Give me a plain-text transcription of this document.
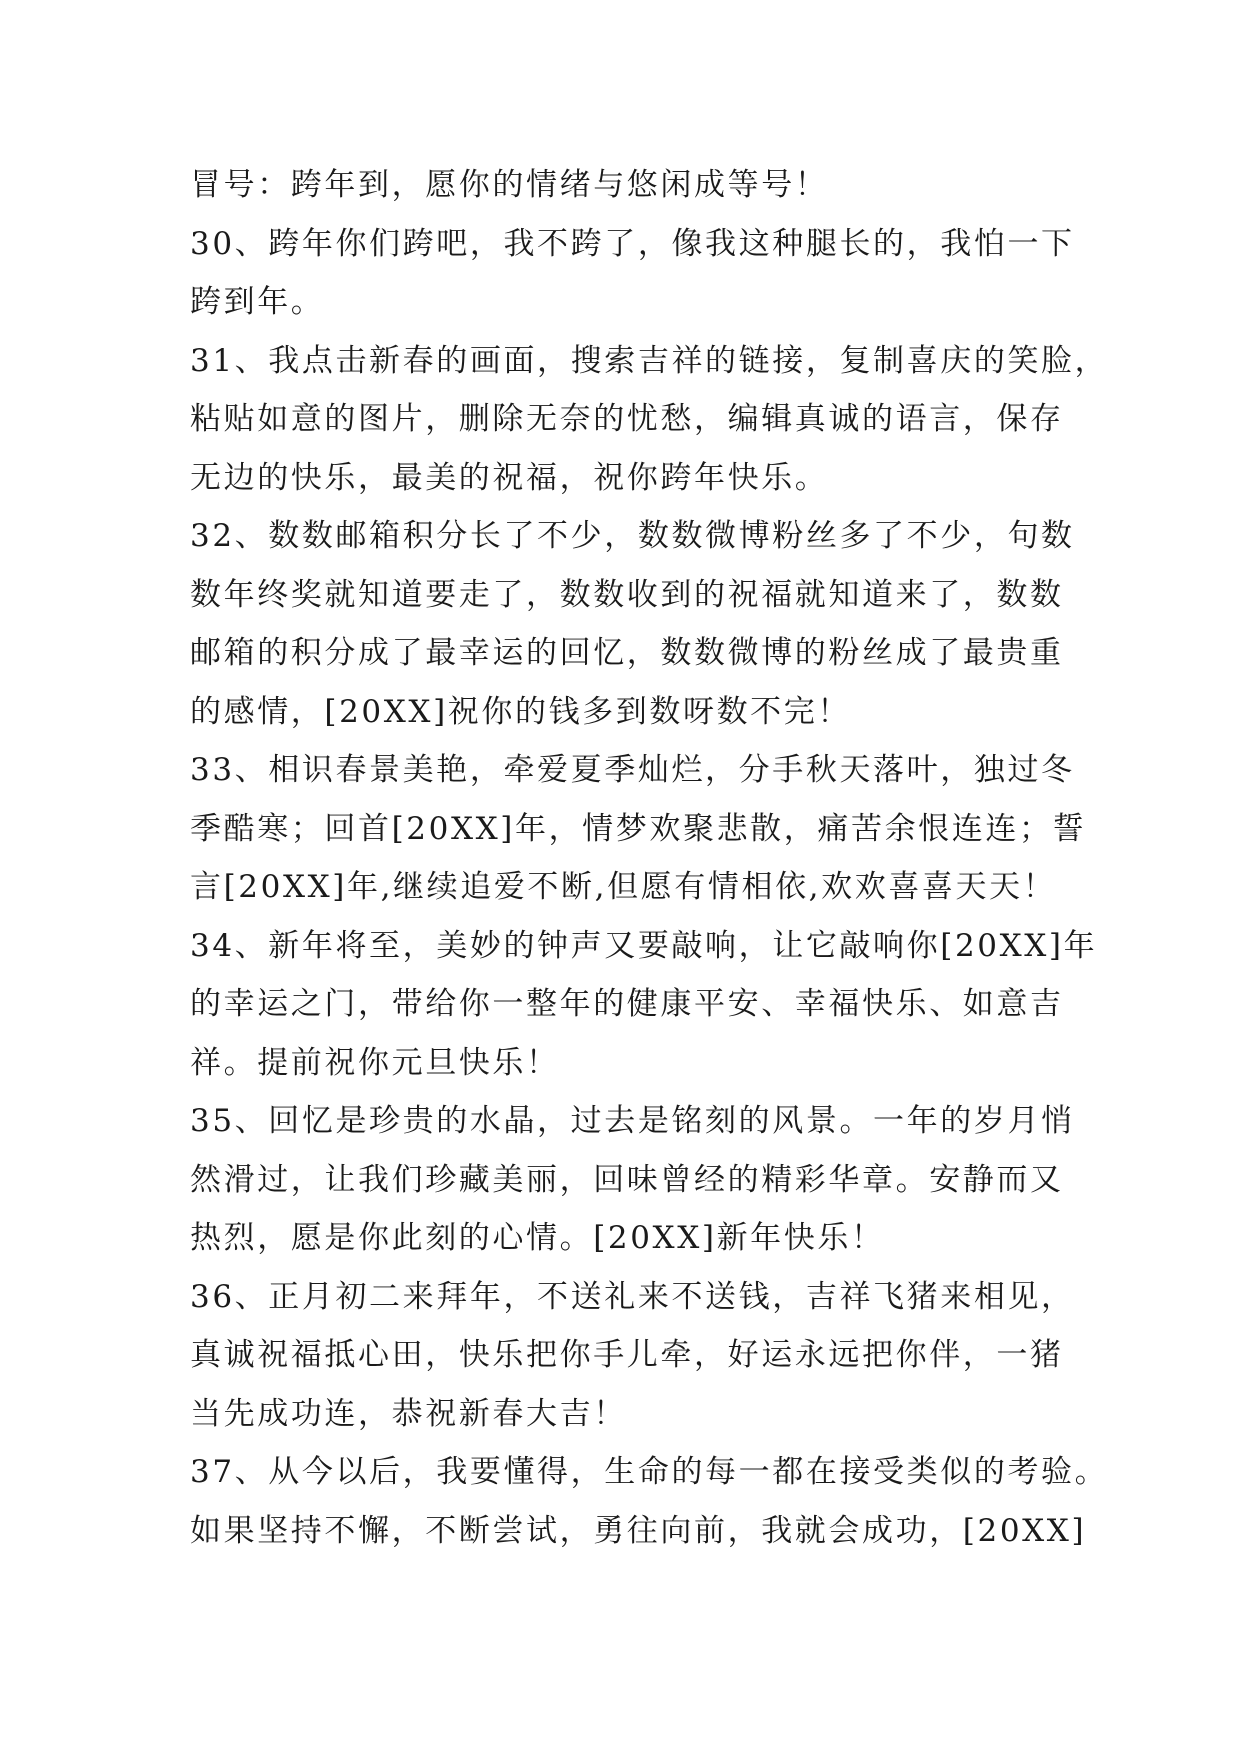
冒号：跨年到，愿你的情绪与悠闲成等号！
30、跨年你们跨吧，我不跨了，像我这种腿长的，我怕一下
跨到年。
31、我点击新春的画面，搜索吉祥的链接，复制喜庆的笑脸，
粘贴如意的图片，删除无奈的忧愁，编辑真诚的语言，保存
无边的快乐，最美的祝福，祝你跨年快乐。
32、数数邮箱积分长了不少，数数微博粉丝多了不少，句数
数年终奖就知道要走了，数数收到的祝福就知道来了，数数
邮箱的积分成了最幸运的回忆，数数微博的粉丝成了最贵重
的感情，[20XX]祝你的钱多到数呀数不完！
33、相识春景美艳，牵爱夏季灿烂，分手秋天落叶，独过冬
季酷寒；回首[20XX]年，情梦欢聚悲散，痛苦余恨连连；誓
言[20XX]年,继续追爱不断,但愿有情相依,欢欢喜喜天天！
34、新年将至，美妙的钟声又要敲响，让它敲响你[20XX]年
的幸运之门，带给你一整年的健康平安、幸福快乐、如意吉
祥。提前祝你元旦快乐！
35、回忆是珍贵的水晶，过去是铭刻的风景。一年的岁月悄
然滑过，让我们珍藏美丽，回味曾经的精彩华章。安静而又
热烈，愿是你此刻的心情。[20XX]新年快乐！
36、正月初二来拜年，不送礼来不送钱，吉祥飞猪来相见，
真诚祝福抵心田，快乐把你手儿牵，好运永远把你伴，一猪
当先成功连，恭祝新春大吉！
37、从今以后，我要懂得，生命的每一都在接受类似的考验。
如果坚持不懈，不断尝试，勇往向前，我就会成功，[20XX]
